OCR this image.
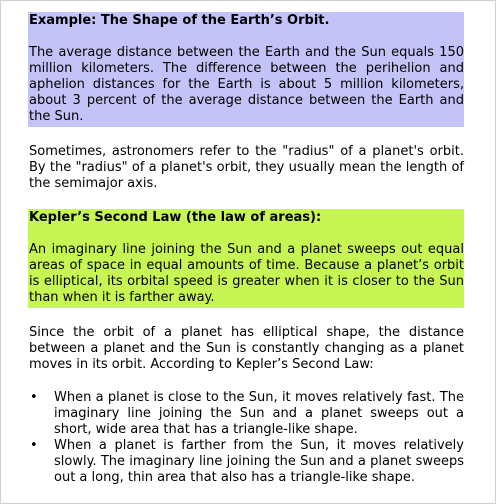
Example: The Shape of the Earth’s Orbit.

The average distance between the Earth and the Sun equals 150 million kilometers. The difference between the perihelion and aphelion distances for the Earth is about 5 million kilometers, about 3 percent of the average distance between the Earth and the Sun.

Sometimes, astronomers refer to the "radius" of a planet's orbit. By the "radius" of a planet's orbit, they usually mean the length of the semimajor axis.

Kepler’s Second Law (the law of areas):

An imaginary line joining the Sun and a planet sweeps out equal areas of space in equal amounts of time. Because a planet’s orbit is elliptical, its orbital speed is greater when it is closer to the Sun than when it is farther away.

Since the orbit of a planet has elliptical shape, the distance between a planet and the Sun is constantly changing as a planet moves in its orbit. According to Kepler’s Second Law:

• When a planet is close to the Sun, it moves relatively fast. The imaginary line joining the Sun and a planet sweeps out a short, wide area that has a triangle-like shape.
• When a planet is farther from the Sun, it moves relatively slowly. The imaginary line joining the Sun and a planet sweeps out a long, thin area that also has a triangle-like shape.
